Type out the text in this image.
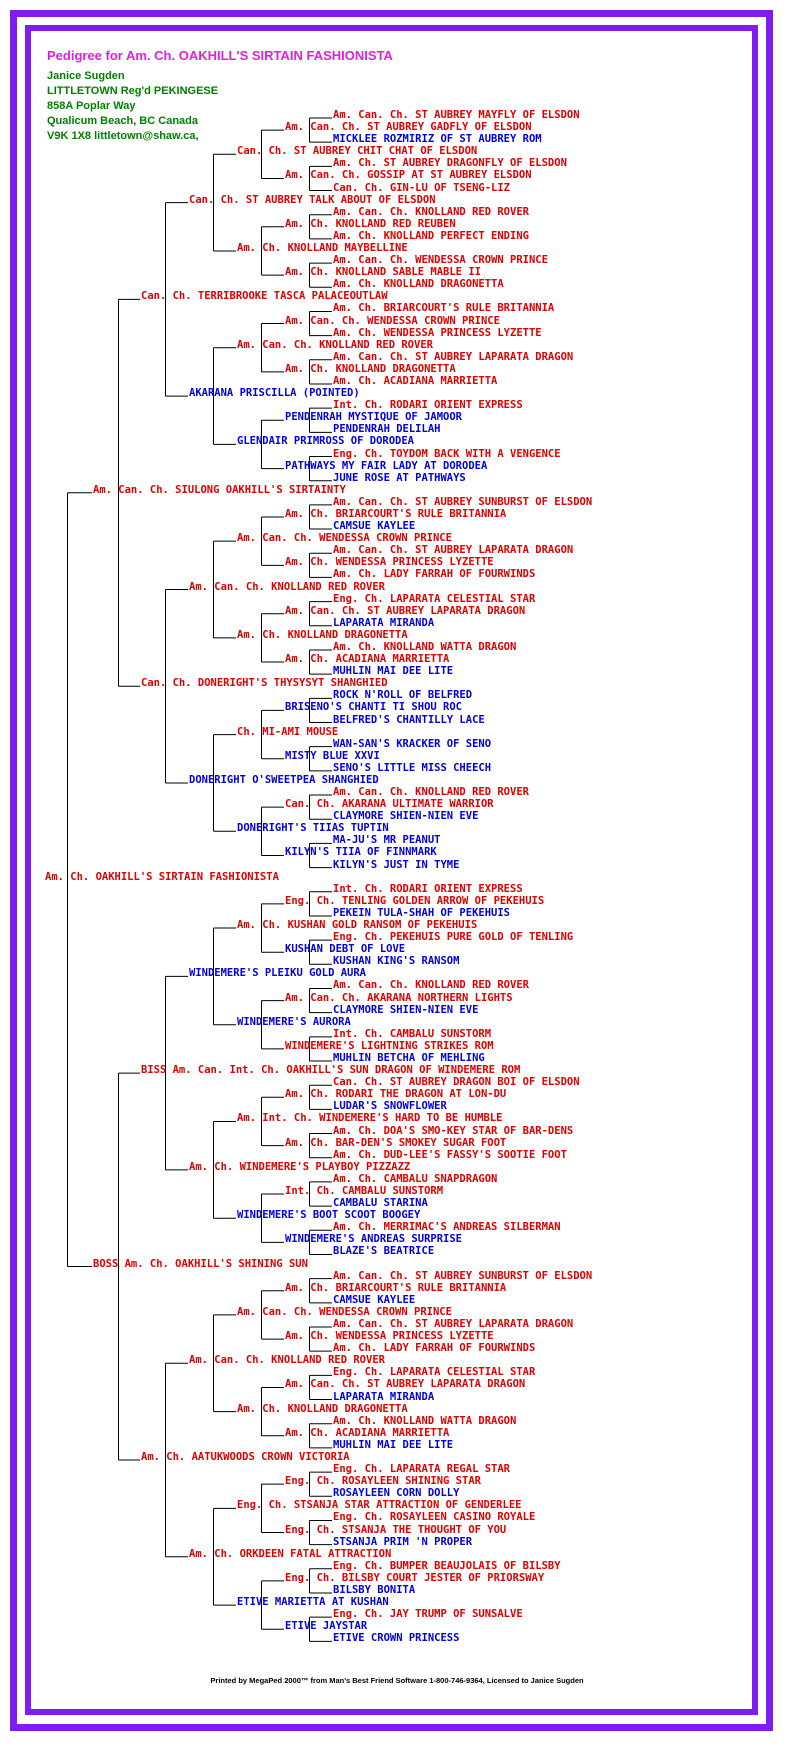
Pedigree for Am. Ch. OAKHILL'S SIRTAIN FASHIONISTA
Janice Sugden
LITTLETOWN Reg'd PEKINGESE
858A Poplar Way
Qualicum Beach, BC Canada
V9K 1X8 littletown@shaw.ca,
Am. Can. Ch. ST AUBREY MAYFLY OF ELSDON
MICKLEE ROZMIRIZ OF ST AUBREY ROM
Am. Can. Ch. ST AUBREY GADFLY OF ELSDON
Am. Ch. ST AUBREY DRAGONFLY OF ELSDON
Can. Ch. GIN-LU OF TSENG-LIZ
Am. Can. Ch. GOSSIP AT ST AUBREY ELSDON
Can. Ch. ST AUBREY CHIT CHAT OF ELSDON
Am. Can. Ch. KNOLLAND RED ROVER
Am. Ch. KNOLLAND PERFECT ENDING
Am. Ch. KNOLLAND RED REUBEN
Am. Can. Ch. WENDESSA CROWN PRINCE
Am. Ch. KNOLLAND DRAGONETTA
Am. Ch. KNOLLAND SABLE MABLE II
Am. Ch. KNOLLAND MAYBELLINE
Can. Ch. ST AUBREY TALK ABOUT OF ELSDON
Am. Ch. BRIARCOURT'S RULE BRITANNIA
Am. Ch. WENDESSA PRINCESS LYZETTE
Am. Can. Ch. WENDESSA CROWN PRINCE
Am. Can. Ch. ST AUBREY LAPARATA DRAGON
Am. Ch. ACADIANA MARRIETTA
Am. Ch. KNOLLAND DRAGONETTA
Am. Can. Ch. KNOLLAND RED ROVER
Int. Ch. RODARI ORIENT EXPRESS
PENDENRAH DELILAH
PENDENRAH MYSTIQUE OF JAMOOR
Eng. Ch. TOYDOM BACK WITH A VENGENCE
JUNE ROSE AT PATHWAYS
PATHWAYS MY FAIR LADY AT DORODEA
GLENDAIR PRIMROSS OF DORODEA
AKARANA PRISCILLA (POINTED)
Can. Ch. TERRIBROOKE TASCA PALACEOUTLAW
Am. Can. Ch. ST AUBREY SUNBURST OF ELSDON
CAMSUE KAYLEE
Am. Ch. BRIARCOURT'S RULE BRITANNIA
Am. Can. Ch. ST AUBREY LAPARATA DRAGON
Am. Ch. LADY FARRAH OF FOURWINDS
Am. Ch. WENDESSA PRINCESS LYZETTE
Am. Can. Ch. WENDESSA CROWN PRINCE
Eng. Ch. LAPARATA CELESTIAL STAR
LAPARATA MIRANDA
Am. Can. Ch. ST AUBREY LAPARATA DRAGON
Am. Ch. KNOLLAND WATTA DRAGON
MUHLIN MAI DEE LITE
Am. Ch. ACADIANA MARRIETTA
Am. Ch. KNOLLAND DRAGONETTA
Am. Can. Ch. KNOLLAND RED ROVER
ROCK N'ROLL OF BELFRED
BELFRED'S CHANTILLY LACE
BRISENO'S CHANTI TI SHOU ROC
WAN-SAN'S KRACKER OF SENO
SENO'S LITTLE MISS CHEECH
MISTY BLUE XXVI
Ch. MI-AMI MOUSE
Am. Can. Ch. KNOLLAND RED ROVER
CLAYMORE SHIEN-NIEN EVE
Can. Ch. AKARANA ULTIMATE WARRIOR
MA-JU'S MR PEANUT
KILYN'S JUST IN TYME
KILYN'S TIIA OF FINNMARK
DONERIGHT'S TIIAS TUPTIN
DONERIGHT O'SWEETPEA SHANGHIED
Can. Ch. DONERIGHT'S THYSYSYT SHANGHIED
Am. Can. Ch. SIULONG OAKHILL'S SIRTAINTY
Int. Ch. RODARI ORIENT EXPRESS
PEKEIN TULA-SHAH OF PEKEHUIS
Eng. Ch. TENLING GOLDEN ARROW OF PEKEHUIS
Eng. Ch. PEKEHUIS PURE GOLD OF TENLING
KUSHAN KING'S RANSOM
KUSHAN DEBT OF LOVE
Am. Ch. KUSHAN GOLD RANSOM OF PEKEHUIS
Am. Can. Ch. KNOLLAND RED ROVER
CLAYMORE SHIEN-NIEN EVE
Am. Can. Ch. AKARANA NORTHERN LIGHTS
Int. Ch. CAMBALU SUNSTORM
MUHLIN BETCHA OF MEHLING
WINDEMERE'S LIGHTNING STRIKES ROM
WINDEMERE'S AURORA
WINDEMERE'S PLEIKU GOLD AURA
Can. Ch. ST AUBREY DRAGON BOI OF ELSDON
LUDAR'S SNOWFLOWER
Am. Ch. RODARI THE DRAGON AT LON-DU
Am. Ch. DOA'S SMO-KEY STAR OF BAR-DENS
Am. Ch. DUD-LEE'S FASSY'S SOOTIE FOOT
Am. Ch. BAR-DEN'S SMOKEY SUGAR FOOT
Am. Int. Ch. WINDEMERE'S HARD TO BE HUMBLE
Am. Ch. CAMBALU SNAPDRAGON
CAMBALU STARINA
Int. Ch. CAMBALU SUNSTORM
Am. Ch. MERRIMAC'S ANDREAS SILBERMAN
BLAZE'S BEATRICE
WINDEMERE'S ANDREAS SURPRISE
WINDEMERE'S BOOT SCOOT BOOGEY
Am. Ch. WINDEMERE'S PLAYBOY PIZZAZZ
BISS Am. Can. Int. Ch. OAKHILL'S SUN DRAGON OF WINDEMERE ROM
Am. Can. Ch. ST AUBREY SUNBURST OF ELSDON
CAMSUE KAYLEE
Am. Ch. BRIARCOURT'S RULE BRITANNIA
Am. Can. Ch. ST AUBREY LAPARATA DRAGON
Am. Ch. LADY FARRAH OF FOURWINDS
Am. Ch. WENDESSA PRINCESS LYZETTE
Am. Can. Ch. WENDESSA CROWN PRINCE
Eng. Ch. LAPARATA CELESTIAL STAR
LAPARATA MIRANDA
Am. Can. Ch. ST AUBREY LAPARATA DRAGON
Am. Ch. KNOLLAND WATTA DRAGON
MUHLIN MAI DEE LITE
Am. Ch. ACADIANA MARRIETTA
Am. Ch. KNOLLAND DRAGONETTA
Am. Can. Ch. KNOLLAND RED ROVER
Eng. Ch. LAPARATA REGAL STAR
ROSAYLEEN CORN DOLLY
Eng. Ch. ROSAYLEEN SHINING STAR
Eng. Ch. ROSAYLEEN CASINO ROYALE
STSANJA PRIM 'N PROPER
Eng. Ch. STSANJA THE THOUGHT OF YOU
Eng. Ch. STSANJA STAR ATTRACTION OF GENDERLEE
Eng. Ch. BUMPER BEAUJOLAIS OF BILSBY
BILSBY BONITA
Eng. Ch. BILSBY COURT JESTER OF PRIORSWAY
Eng. Ch. JAY TRUMP OF SUNSALVE
ETIVE CROWN PRINCESS
ETIVE JAYSTAR
ETIVE MARIETTA AT KUSHAN
Am. Ch. ORKDEEN FATAL ATTRACTION
Am. Ch. AATUKWOODS CROWN VICTORIA
BOSS Am. Ch. OAKHILL'S SHINING SUN
Am. Ch. OAKHILL'S SIRTAIN FASHIONISTA
Printed by MegaPed 2000™ from Man's Best Friend Software 1-800-746-9364, Licensed to Janice Sugden
